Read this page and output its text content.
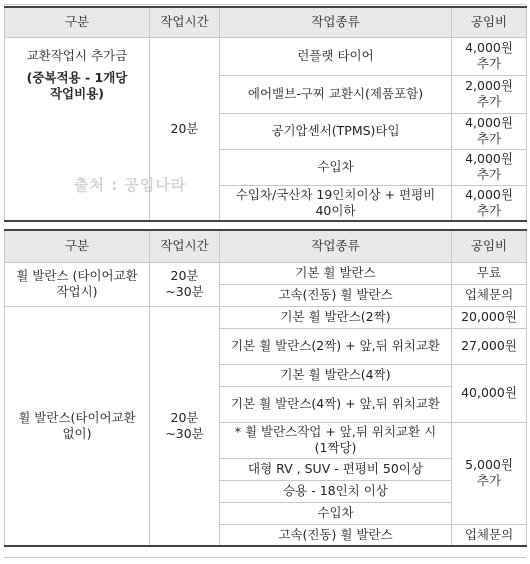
구분	작업시간	작업종류	공임비

교환작업시 추가금
(중복적용 - 1개당 작업비용)	20분	런플랫 타이어	4,000원 추가
		에어밸브-구찌 교환시(제품포함)	2,000원 추가
		공기압센서(TPMS)타입	4,000원 추가
		수입차	4,000원 추가
		수입차/국산차 19인치이상 + 편평비 40이하	4,000원 추가
출처 : 공임나라
구분	작업시간	작업종류	공임비
휠 발란스 (타이어교환 작업시)	20분~30분	기본 휠 발란스	무료
		고속(진동) 휠 발란스	업체문의
휠 발란스(타이어교환 없이)	20분~30분	기본 휠 발란스(2짝)	20,000원
		기본 휠 발란스(2짝) + 앞,뒤 위치교환	27,000원
		기본 휠 발란스(4짝)	40,000원
		기본 휠 발란스(4짝) + 앞,뒤 위치교환	
		* 휠 발란스작업 + 앞,뒤 위치교환 시 (1짝당)	5,000원 추가
		대형 RV , SUV - 편평비 50이상	
		승용 - 18인치 이상	
		수입차	
		고속(진동) 휠 발란스	업체문의
